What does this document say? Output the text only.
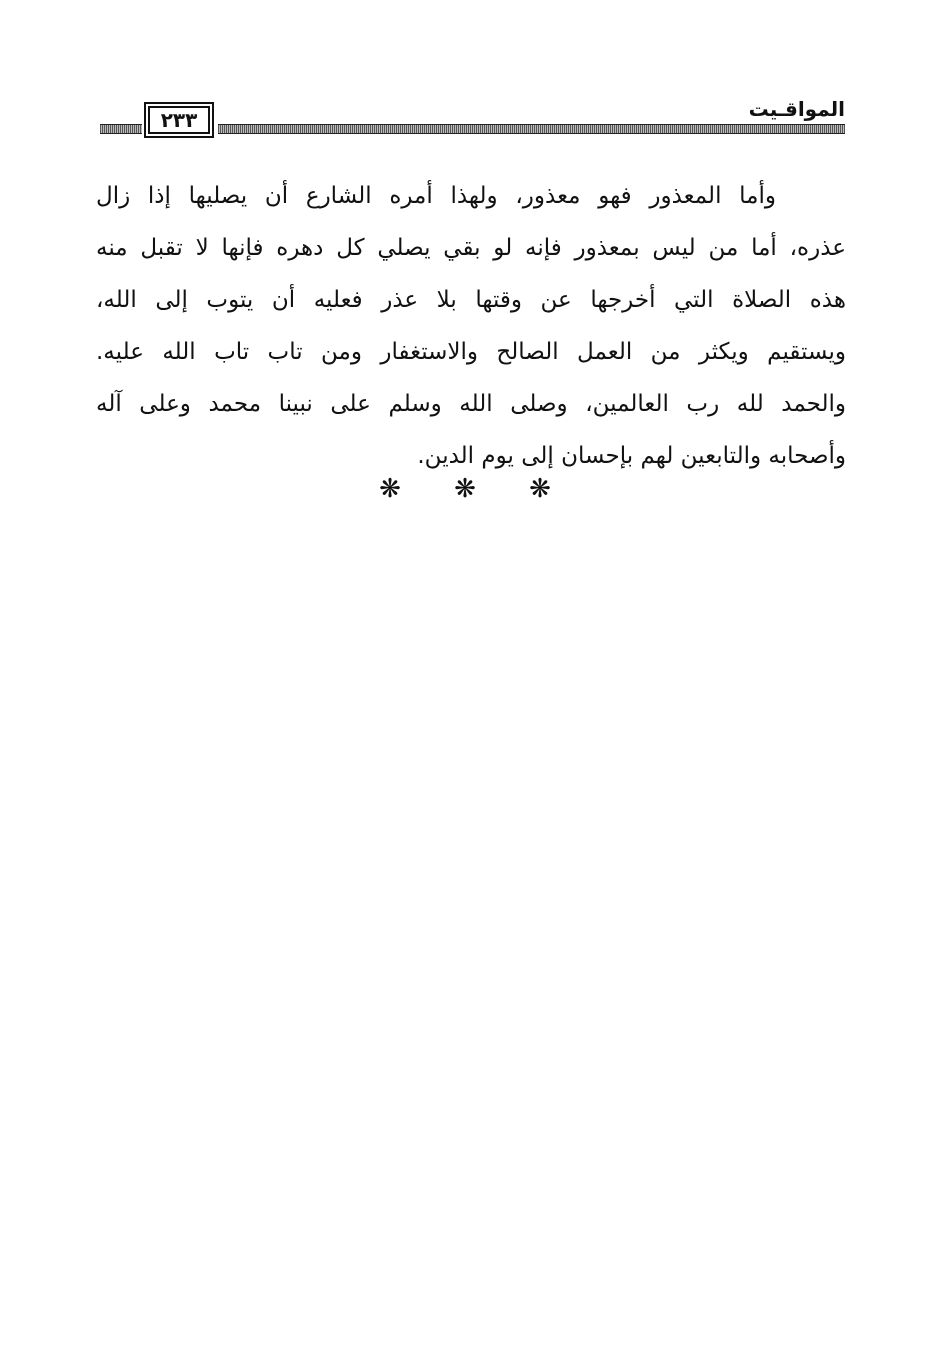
٢٣٣	المواقـيت
وأما المعذور فهو معذور، ولهذا أمره الشارع أن يصليها إذا زال
عذره، أما من ليس بمعذور فإنه لو بقي يصلي كل دهره فإنها لا تقبل منه
هذه الصلاة التي أخرجها عن وقتها بلا عذر فعليه أن يتوب إلى الله،
ويستقيم ويكثر من العمل الصالح والاستغفار ومن تاب تاب الله عليه.
والحمد لله رب العالمين، وصلى الله وسلم على نبينا محمد وعلى آله
وأصحابه والتابعين لهم بإحسان إلى يوم الدين.
❋	❋	❋
